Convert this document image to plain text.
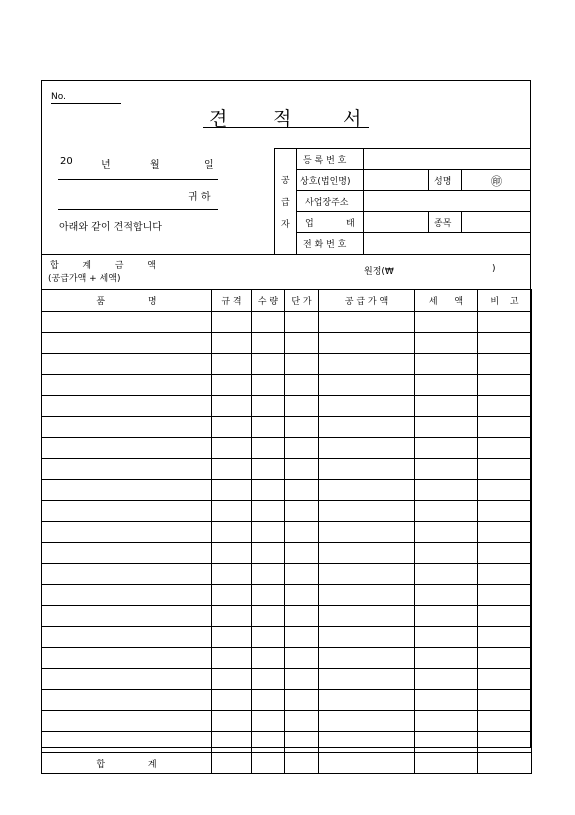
No.
견 적	서
20	년	월	일
귀 하
아래와 같이 견적합니다
공
급
자
등 록 번 호
상호(법인명)	성명	㊞
사업장주소
업	태	종목
전 화 번 호
합  계  금  액
(공급가액 + 세액)
원정(₩	)
품 명	규 격	수 량	단 가	공 급 가 액	세 액	비 고

합 계						
